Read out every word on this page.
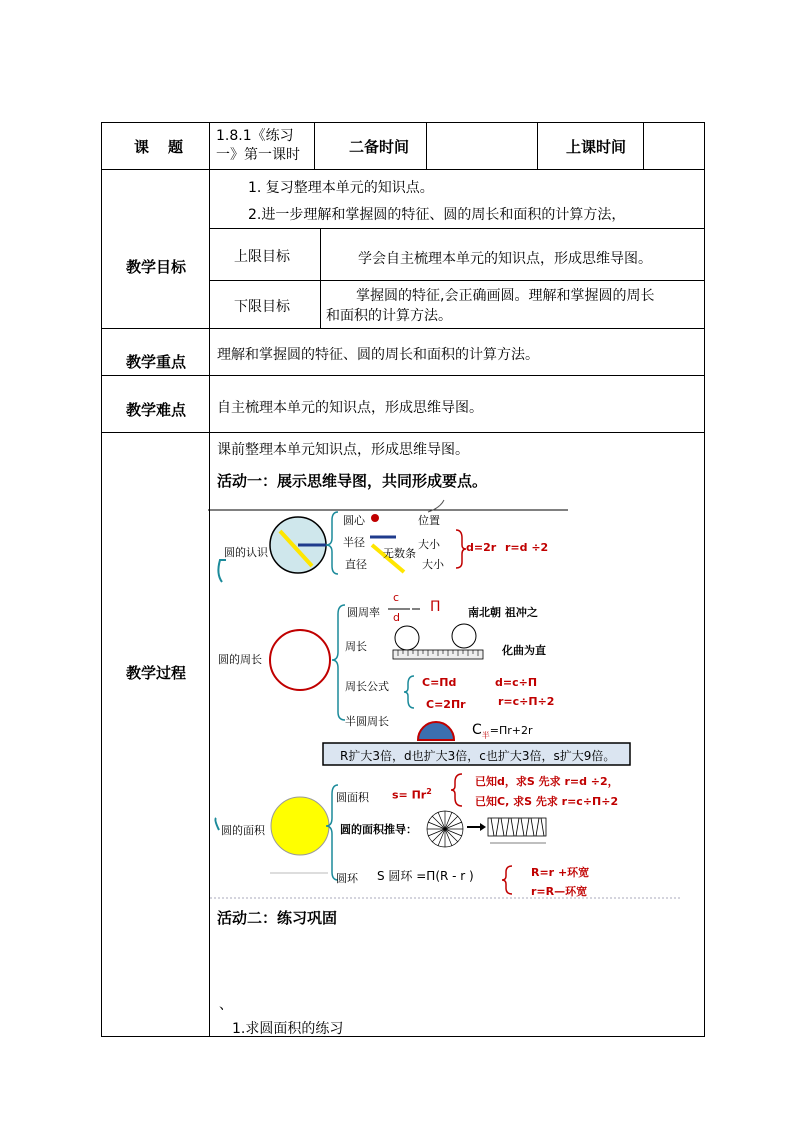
课　题
1.8.1《练习
一》第一课时	二备时间	上课时间
教学目标
1. 复习整理本单元的知识点。
2.进一步理解和掌握圆的特征、圆的周长和面积的计算方法，
上限目标	学会自主梳理本单元的知识点，形成思维导图。
下限目标
掌握圆的特征,会正确画圆。理解和掌握圆的周长
和面积的计算方法。
教学重点 理解和掌握圆的特征、圆的周长和面积的计算方法。
教学难点 自主梳理本单元的知识点，形成思维导图。
教学过程
课前整理本单元知识点，形成思维导图。
活动一：展示思维导图，共同形成要点。
活动二：练习巩固
、
1.求圆面积的练习
圆的认识
圆心	位置
半径
无数条
大小
直径	大小
d=2r r=d ÷2
圆的周长
圆周率
c
d
Π 南北朝 祖冲之
周长	化曲为直
周长公式	C=Πd	d=c÷Π
C=2Πr	r=c÷Π÷2
半圆周长
$C_半=\Pi r+2r$
R扩大3倍，d也扩大3倍，c也扩大3倍，s扩大9倍。
圆的面积
圆面积 $s= \Pi r^2$
已知d，求S 先求 r=d ÷2，
已知C, 求S 先求 r=c÷Π÷2
圆的面积推导：
圆环 S 圆环 =Π(R - r )	R=r +环宽
r=R—环宽
